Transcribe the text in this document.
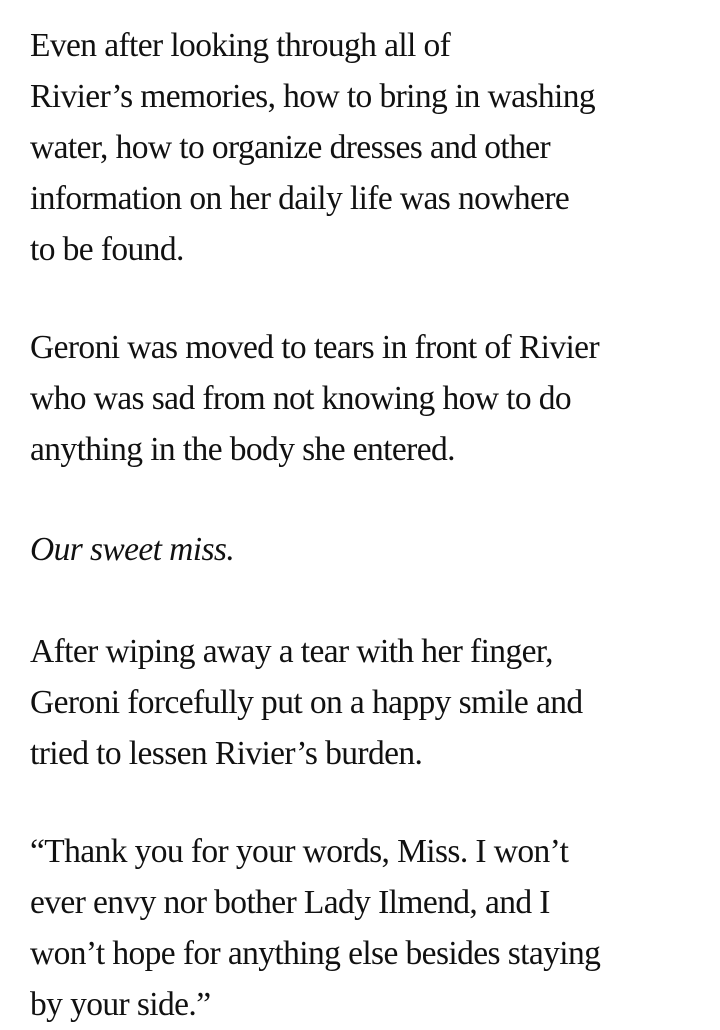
Even after looking through all of
Rivier’s memories, how to bring in washing
water, how to organize dresses and other
information on her daily life was nowhere
to be found.

Geroni was moved to tears in front of Rivier
who was sad from not knowing how to do
anything in the body she entered.

Our sweet miss.

After wiping away a tear with her finger,
Geroni forcefully put on a happy smile and
tried to lessen Rivier’s burden.

“Thank you for your words, Miss. I won’t
ever envy nor bother Lady Ilmend, and I
won’t hope for anything else besides staying
by your side.”
